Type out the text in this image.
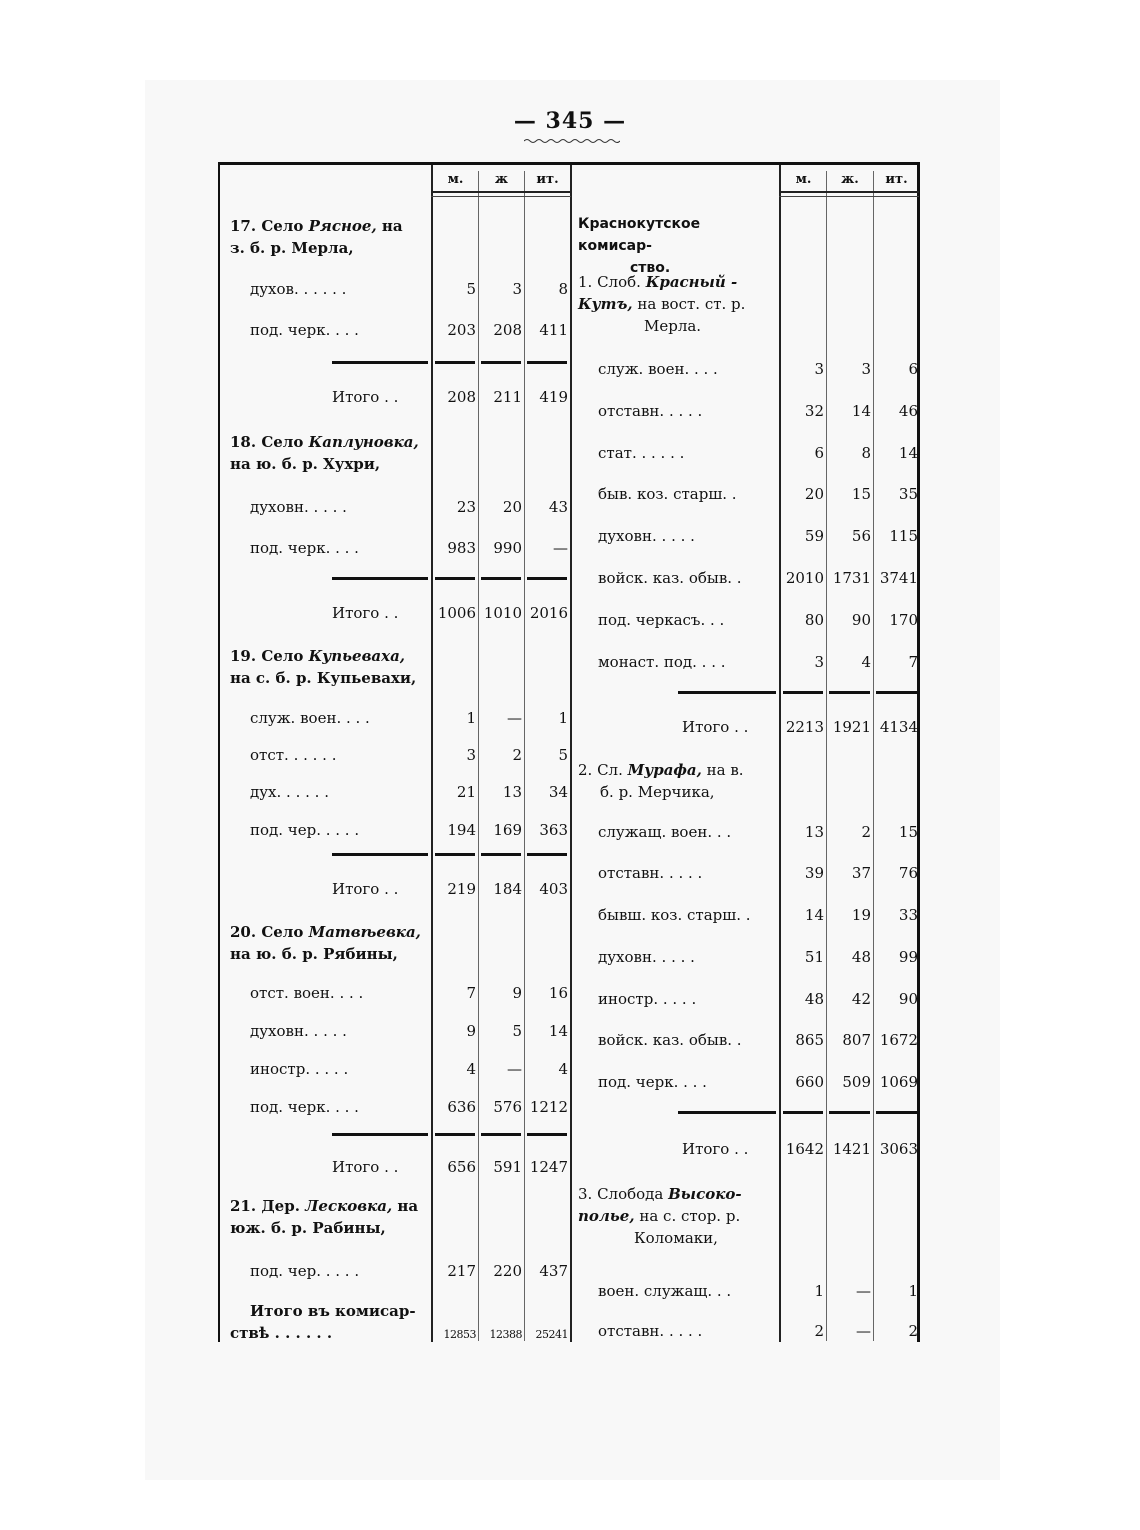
— 345 —
м.	ж	ит.	м.	ж.	ит.
17. Село Рясное, на
з. б. р. Мерла,
духов. . . . . .	5	3	8
под. черк. . . .	203	208	411
Итого . .	208	211	419
18. Село Каплуновка,
на ю. б. р. Хухри,
духовн. . . . .	23	20	43
под. черк. . . .	983	990	—
Итого . .	1006 1010 2016
19. Село Купьеваха,
на с. б. р. Купьевахи,
служ. воен. . . .	1	—	1
отст. . . . . .	3	2	5
дух. . . . . .	21	13	34
под. чер. . . . .	194	169	363
Итого . .	219	184	403
20. Село Матвѣевка,
на ю. б. р. Рябины,
отст. воен. . . .	7	9	16
духовн. . . . .	9	5	14
иностр. . . . .	4	—	4
под. черк. . . .	636	576 1212
Итого . .	656	591 1247
21. Дер. Лесковка, на
юж. б. р. Рабины,
под. чер. . . . .	217	220	437
Итого въ комисар-
ствѣ . . . . . .	12853	12388	25241
Краснокутское комисар-
ство.
1. Слоб. Красный -
Кутъ, на вост. ст. р.
Мерла.
служ. воен. . . .	3	3	6
отставн. . . . .	32	14	46
стат. . . . . .	6	8	14
быв. коз. старш. .	20	15	35
духовн. . . . .	59	56	115
войск. каз. обыв. .	2010 1731 3741
под. черкасъ. . .	80	90	170
монаст. под. . . .	3	4	7
Итого . .	2213 1921 4134
2. Сл. Мурафа, на в.
б. р. Мерчика,
служащ. воен. . .	13	2	15
отставн. . . . .	39	37	76
бывш. коз. старш. .	14	19	33
духовн. . . . .	51	48	99
иностр. . . . .	48	42	90
войск. каз. обыв. .	865	807 1672
под. черк. . . .	660	509 1069
Итого . .	1642 1421 3063
3. Слобода Высоко-
полье, на с. стор. р.
Коломаки,
воен. служащ. . .	1	—	1
отставн. . . . .	2	—	2
